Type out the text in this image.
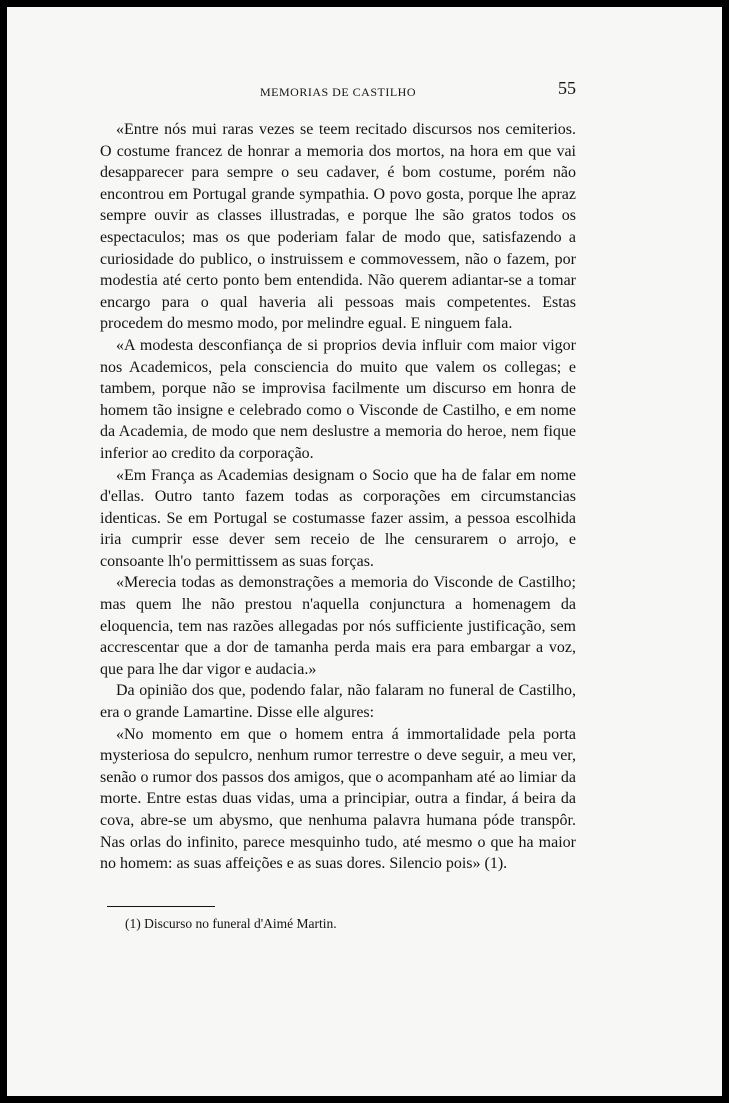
MEMORIAS DE CASTILHO	55

«Entre nós mui raras vezes se teem recitado discursos nos cemiterios. O costume francez de honrar a memoria dos mortos, na hora em que vai desapparecer para sempre o seu cadaver, é bom costume, porém não encontrou em Portugal grande sympathia. O povo gosta, porque lhe apraz sempre ouvir as classes illustradas, e porque lhe são gratos todos os espectaculos; mas os que poderiam falar de modo que, satisfazendo a curiosidade do publico, o instruissem e commovessem, não o fazem, por modestia até certo ponto bem entendida. Não querem adiantar-se a tomar encargo para o qual haveria ali pessoas mais competentes. Estas procedem do mesmo modo, por melindre egual. E ninguem fala.

«A modesta desconfiança de si proprios devia influir com maior vigor nos Academicos, pela consciencia do muito que valem os collegas; e tambem, porque não se improvisa facilmente um discurso em honra de homem tão insigne e celebrado como o Visconde de Castilho, e em nome da Academia, de modo que nem deslustre a memoria do heroe, nem fique inferior ao credito da corporação.

«Em França as Academias designam o Socio que ha de falar em nome d'ellas. Outro tanto fazem todas as corporações em circumstancias identicas. Se em Portugal se costumasse fazer assim, a pessoa escolhida iria cumprir esse dever sem receio de lhe censurarem o arrojo, e consoante lh'o permittissem as suas forças.

«Merecia todas as demonstrações a memoria do Visconde de Castilho; mas quem lhe não prestou n'aquella conjunctura a homenagem da eloquencia, tem nas razões allegadas por nós sufficiente justificação, sem accrescentar que a dor de tamanha perda mais era para embargar a voz, que para lhe dar vigor e audacia.»

Da opinião dos que, podendo falar, não falaram no funeral de Castilho, era o grande Lamartine. Disse elle algures:

«No momento em que o homem entra á immortalidade pela porta mysteriosa do sepulcro, nenhum rumor terrestre o deve seguir, a meu ver, senão o rumor dos passos dos amigos, que o acompanham até ao limiar da morte. Entre estas duas vidas, uma a principiar, outra a findar, á beira da cova, abre-se um abysmo, que nenhuma palavra humana póde transpôr. Nas orlas do infinito, parece mesquinho tudo, até mesmo o que ha maior no homem: as suas affeições e as suas dores. Silencio pois» (1).

(1) Discurso no funeral d'Aimé Martin.
